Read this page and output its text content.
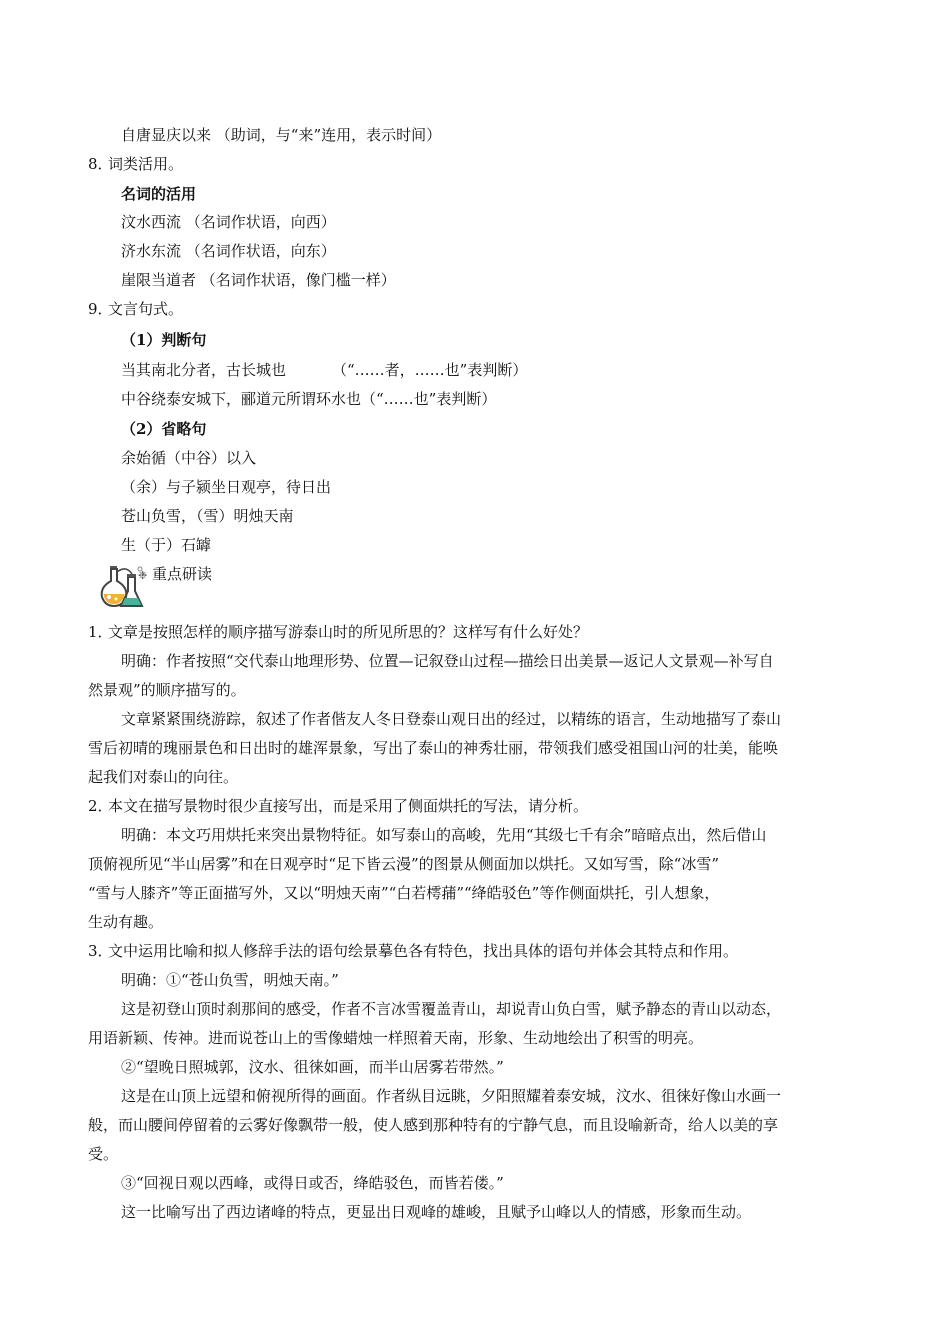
自唐显庆以来 （助词，与“来”连用，表示时间）
8．词类活用。
名词的活用
汶水西流 （名词作状语，向西）
济水东流 （名词作状语，向东）
崖限当道者 （名词作状语，像门槛一样）
9．文言句式。
（1）判断句
当其南北分者，古长城也	（“……者，……也”表判断）
中谷绕泰安城下，郦道元所谓环水也（“……也”表判断）
（2）省略句
余始循（中谷）以入
（余）与子颍坐日观亭，待日出
苍山负雪，（雪）明烛天南
生（于）石罅
❉ 重点研读
1．文章是按照怎样的顺序描写游泰山时的所见所思的？这样写有什么好处？
明确：作者按照“交代泰山地理形势、位置—记叙登山过程—描绘日出美景—返记人文景观—补写自
然景观”的顺序描写的。
文章紧紧围绕游踪，叙述了作者偕友人冬日登泰山观日出的经过，以精练的语言，生动地描写了泰山
雪后初晴的瑰丽景色和日出时的雄浑景象，写出了泰山的神秀壮丽，带领我们感受祖国山河的壮美，能唤
起我们对泰山的向往。
2．本文在描写景物时很少直接写出，而是采用了侧面烘托的写法，请分析。
明确：本文巧用烘托来突出景物特征。如写泰山的高峻，先用“其级七千有余”暗暗点出，然后借山
顶俯视所见“半山居雾”和在日观亭时“足下皆云漫”的图景从侧面加以烘托。又如写雪，除“冰雪”
“雪与人膝齐”等正面描写外，又以“明烛天南”“白若樗蒱”“绛皓驳色”等作侧面烘托，引人想象，
生动有趣。
3．文中运用比喻和拟人修辞手法的语句绘景摹色各有特色，找出具体的语句并体会其特点和作用。
明确：①“苍山负雪，明烛天南。”
这是初登山顶时刹那间的感受，作者不言冰雪覆盖青山，却说青山负白雪，赋予静态的青山以动态，
用语新颖、传神。进而说苍山上的雪像蜡烛一样照着天南，形象、生动地绘出了积雪的明亮。
②“望晚日照城郭，汶水、徂徕如画，而半山居雾若带然。”
这是在山顶上远望和俯视所得的画面。作者纵目远眺，夕阳照耀着泰安城，汶水、徂徕好像山水画一
般，而山腰间停留着的云雾好像飘带一般，使人感到那种特有的宁静气息，而且设喻新奇，给人以美的享
受。
③“回视日观以西峰，或得日或否，绛皓驳色，而皆若偻。”
这一比喻写出了西边诸峰的特点，更显出日观峰的雄峻，且赋予山峰以人的情感，形象而生动。
